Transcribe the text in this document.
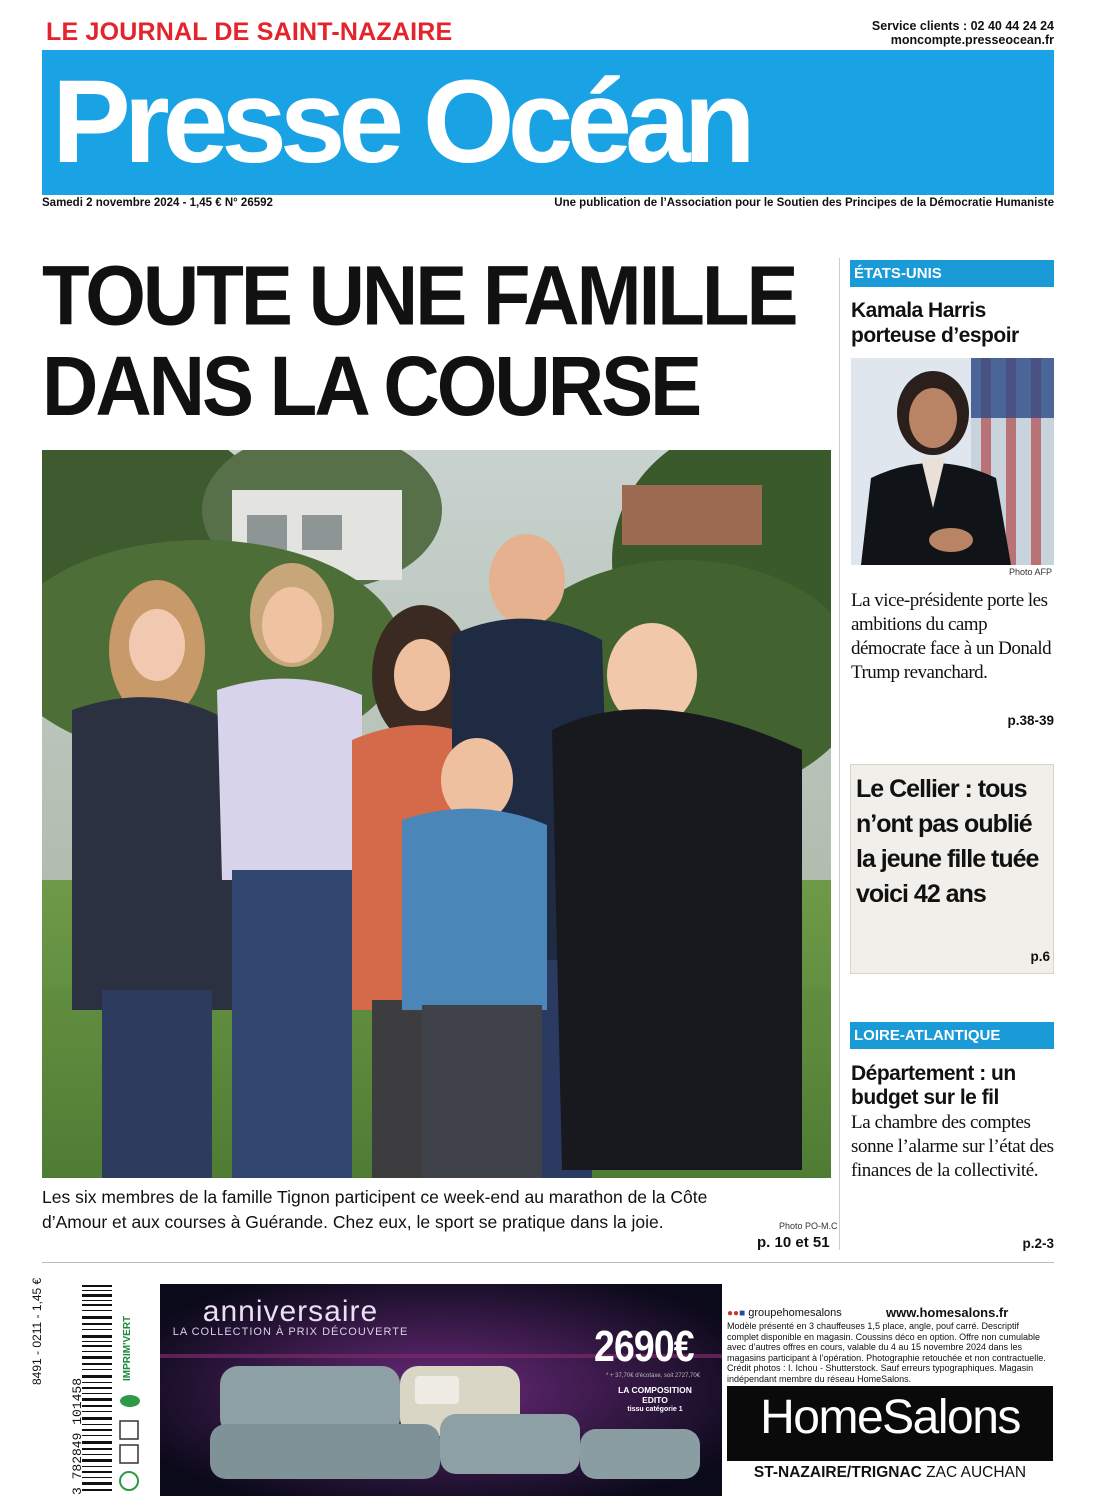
LE JOURNAL DE SAINT-NAZAIRE	Service clients : 02 40 44 24 24
moncompte.presseocean.fr
Presse Océan
Samedi 2 novembre 2024 - 1,45 € N° 26592	Une publication de l’Association pour le Soutien des Principes de la Démocratie Humaniste
TOUTE UNE FAMILLE
DANS LA COURSE
Les six membres de la famille Tignon participent ce week-end au marathon de la Côte d’Amour et aux courses à Guérande. Chez eux, le sport se pratique dans la joie.	Photo PO-M.C
p. 10 et 51
ÉTATS-UNIS
Kamala Harris porteuse d’espoir
Photo AFP
La vice-présidente porte les ambitions du camp démocrate face à un Donald Trump revanchard.
p.38-39
Le Cellier : tous n’ont pas oublié la jeune fille tuée voici 42 ans
p.6
LOIRE-ATLANTIQUE
Département : un budget sur le fil
La chambre des comptes sonne l’alarme sur l’état des finances de la collectivité.
p.2-3
8491 - 0211 - 1,45 €
3 782849 101458
IMPRIM'VERT
anniversaire
LA COLLECTION À PRIX DÉCOUVERTE	2690€
* + 37,70€ d'écotaxe, soit 2727,70€
LA COMPOSITION
EDITO
tissu catégorie 1
●●■ groupehomesalons	www.homesalons.fr
Modèle présenté en 3 chauffeuses 1,5 place, angle, pouf carré. Descriptif complet disponible en magasin. Coussins déco en option. Offre non cumulable avec d’autres offres en cours, valable du 4 au 15 novembre 2024 dans les magasins participant à l’opération. Photographie retouchée et non contractuelle. Crédit photos : I. Ichou - Shutterstock. Sauf erreurs typographiques. Magasin indépendant membre du réseau HomeSalons.
HomeSalons
ST-NAZAIRE/TRIGNAC ZAC AUCHAN
